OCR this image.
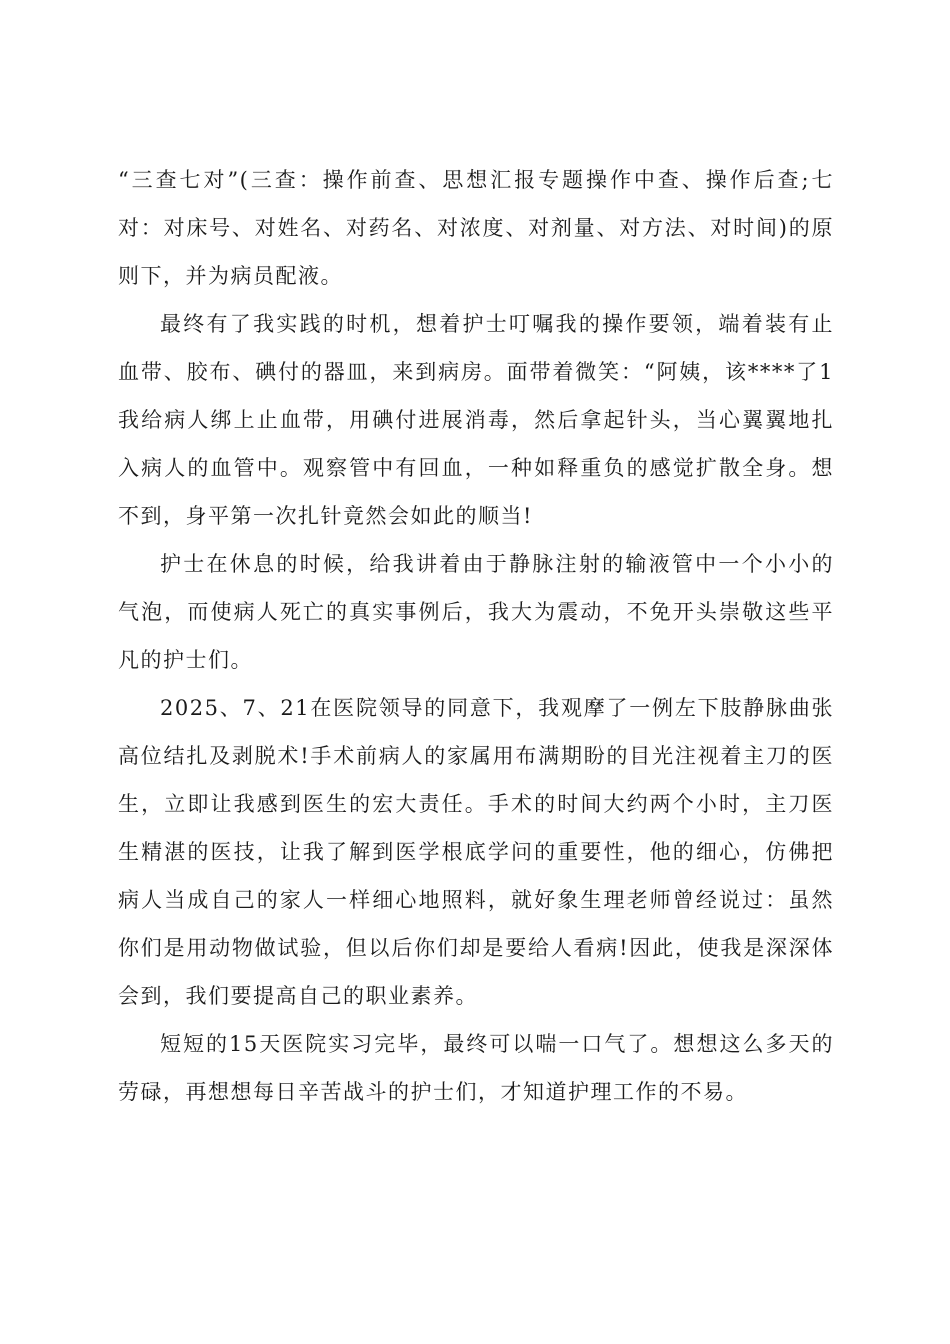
“三查七对”(三查：操作前查、思想汇报专题操作中查、操作后查;七对：对床号、对姓名、对药名、对浓度、对剂量、对方法、对时间)的原则下，并为病员配液。

最终有了我实践的时机，想着护士叮嘱我的操作要领，端着装有止血带、胶布、碘付的器皿，来到病房。面带着微笑：“阿姨，该****了1我给病人绑上止血带，用碘付进展消毒，然后拿起针头，当心翼翼地扎入病人的血管中。观察管中有回血，一种如释重负的感觉扩散全身。想不到，身平第一次扎针竟然会如此的顺当!

护士在休息的时候，给我讲着由于静脉注射的输液管中一个小小的气泡，而使病人死亡的真实事例后，我大为震动，不免开头崇敬这些平凡的护士们。

2025、7、21在医院领导的同意下，我观摩了一例左下肢静脉曲张高位结扎及剥脱术!手术前病人的家属用布满期盼的目光注视着主刀的医生，立即让我感到医生的宏大责任。手术的时间大约两个小时，主刀医生精湛的医技，让我了解到医学根底学问的重要性，他的细心，仿佛把病人当成自己的家人一样细心地照料，就好象生理老师曾经说过：虽然你们是用动物做试验，但以后你们却是要给人看病!因此，使我是深深体会到，我们要提高自己的职业素养。

短短的15天医院实习完毕，最终可以喘一口气了。想想这么多天的劳碌，再想想每日辛苦战斗的护士们，才知道护理工作的不易。
